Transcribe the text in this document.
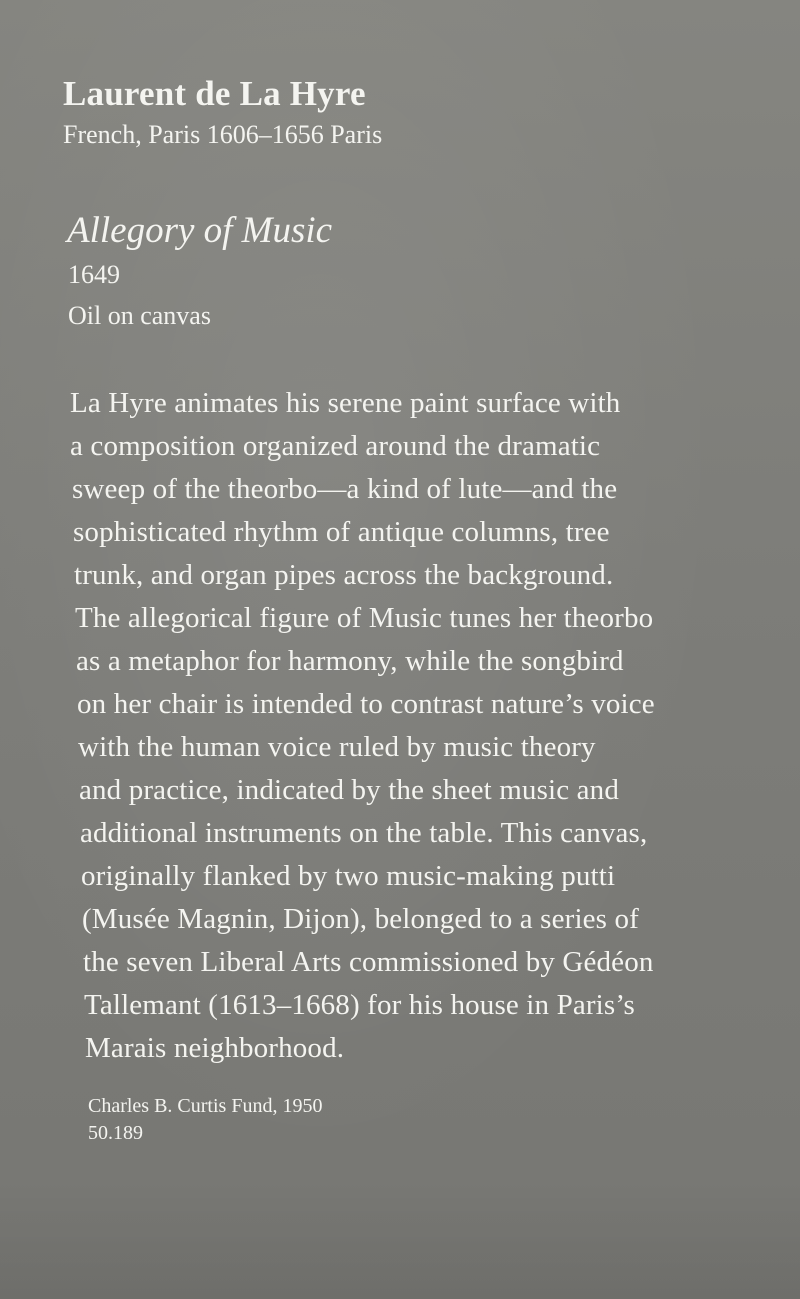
Laurent de La Hyre
French, Paris 1606–1656 Paris
Allegory of Music
1649
Oil on canvas
La Hyre animates his serene paint surface with
a composition organized around the dramatic
sweep of the theorbo—a kind of lute—and the
sophisticated rhythm of antique columns, tree
trunk, and organ pipes across the background.
The allegorical figure of Music tunes her theorbo
as a metaphor for harmony, while the songbird
on her chair is intended to contrast nature’s voice
with the human voice ruled by music theory
and practice, indicated by the sheet music and
additional instruments on the table. This canvas,
originally flanked by two music-making putti
(Musée Magnin, Dijon), belonged to a series of
the seven Liberal Arts commissioned by Gédéon
Tallemant (1613–1668) for his house in Paris’s
Marais neighborhood.
Charles B. Curtis Fund, 1950
50.189
